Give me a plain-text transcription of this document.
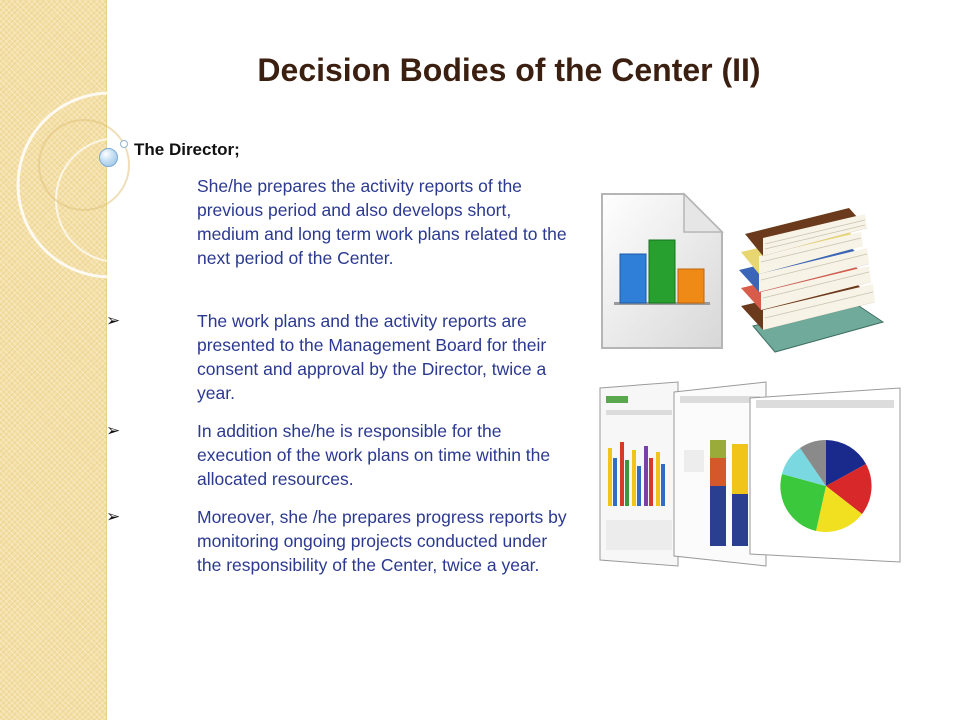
Decision Bodies of the Center (II)
The Director;

She/he prepares the activity reports of the previous period and also develops short, medium and long term work plans related to the next period of the Center.

➢	The work plans and the activity reports are presented to the Management Board for their consent and approval by the Director, twice a year.

➢	In addition she/he is responsible for the execution of the work plans on time within the allocated resources.

➢	Moreover, she /he prepares progress reports by monitoring ongoing projects conducted under the responsibility of the Center, twice a year.
